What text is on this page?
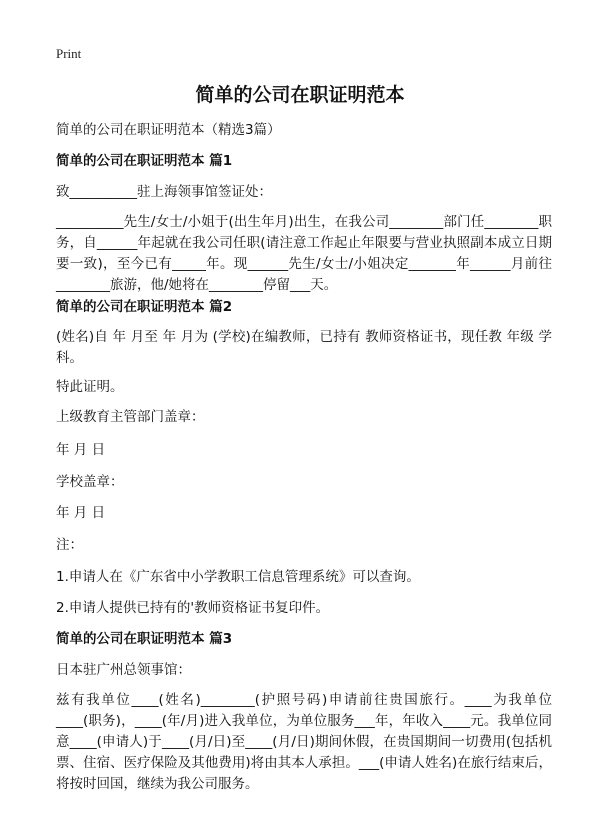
Print
简单的公司在职证明范本

简单的公司在职证明范本（精选3篇）

简单的公司在职证明范本 篇1

致__________驻上海领事馆签证处：

__________先生/女士/小姐于(出生年月)出生，在我公司________部门任________职务，自______年起就在我公司任职(请注意工作起止年限要与营业执照副本成立日期要一致)，至今已有_____年。现______先生/女士/小姐决定_______年______月前往________旅游，他/她将在________停留___天。

简单的公司在职证明范本 篇2

(姓名)自 年 月至 年 月为 (学校)在编教师，已持有 教师资格证书，现任教 年级 学科。

特此证明。

上级教育主管部门盖章：

年 月 日

学校盖章：

年 月 日

注：

1.申请人在《广东省中小学教职工信息管理系统》可以查询。

2.申请人提供已持有的'教师资格证书复印件。

简单的公司在职证明范本 篇3

日本驻广州总领事馆：

兹有我单位____(姓名)________(护照号码)申请前往贵国旅行。____为我单位____(职务)，____(年/月)进入我单位，为单位服务___年，年收入____元。我单位同意____(申请人)于____(月/日)至____(月/日)期间休假，在贵国期间一切费用(包括机票、住宿、医疗保险及其他费用)将由其本人承担。___(申请人姓名)在旅行结束后，将按时回国，继续为我公司服务。
